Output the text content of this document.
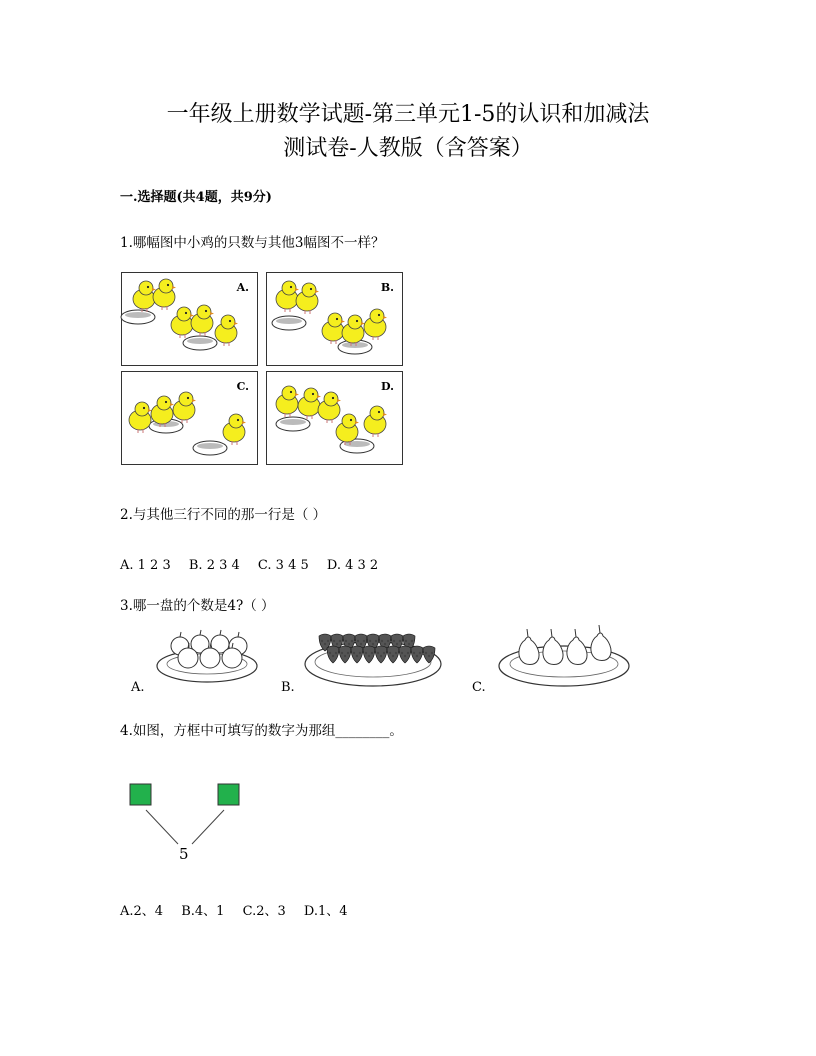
一年级上册数学试题-第三单元1-5的认识和加减法
测试卷-人教版（含答案）
一.选择题(共4题，共9分)
1.哪幅图中小鸡的只数与其他3幅图不一样？
A.	B.
C.	D.
2.与其他三行不同的那一行是（ ）
A. 1 2 3 B. 2 3 4 C. 3 4 5 D. 4 3 2
3.哪一盘的个数是4?（ ）
A.	B.	C.
4.如图，方框中可填写的数字为那组________。
5
A.2、4 B.4、1 C.2、3 D.1、4
